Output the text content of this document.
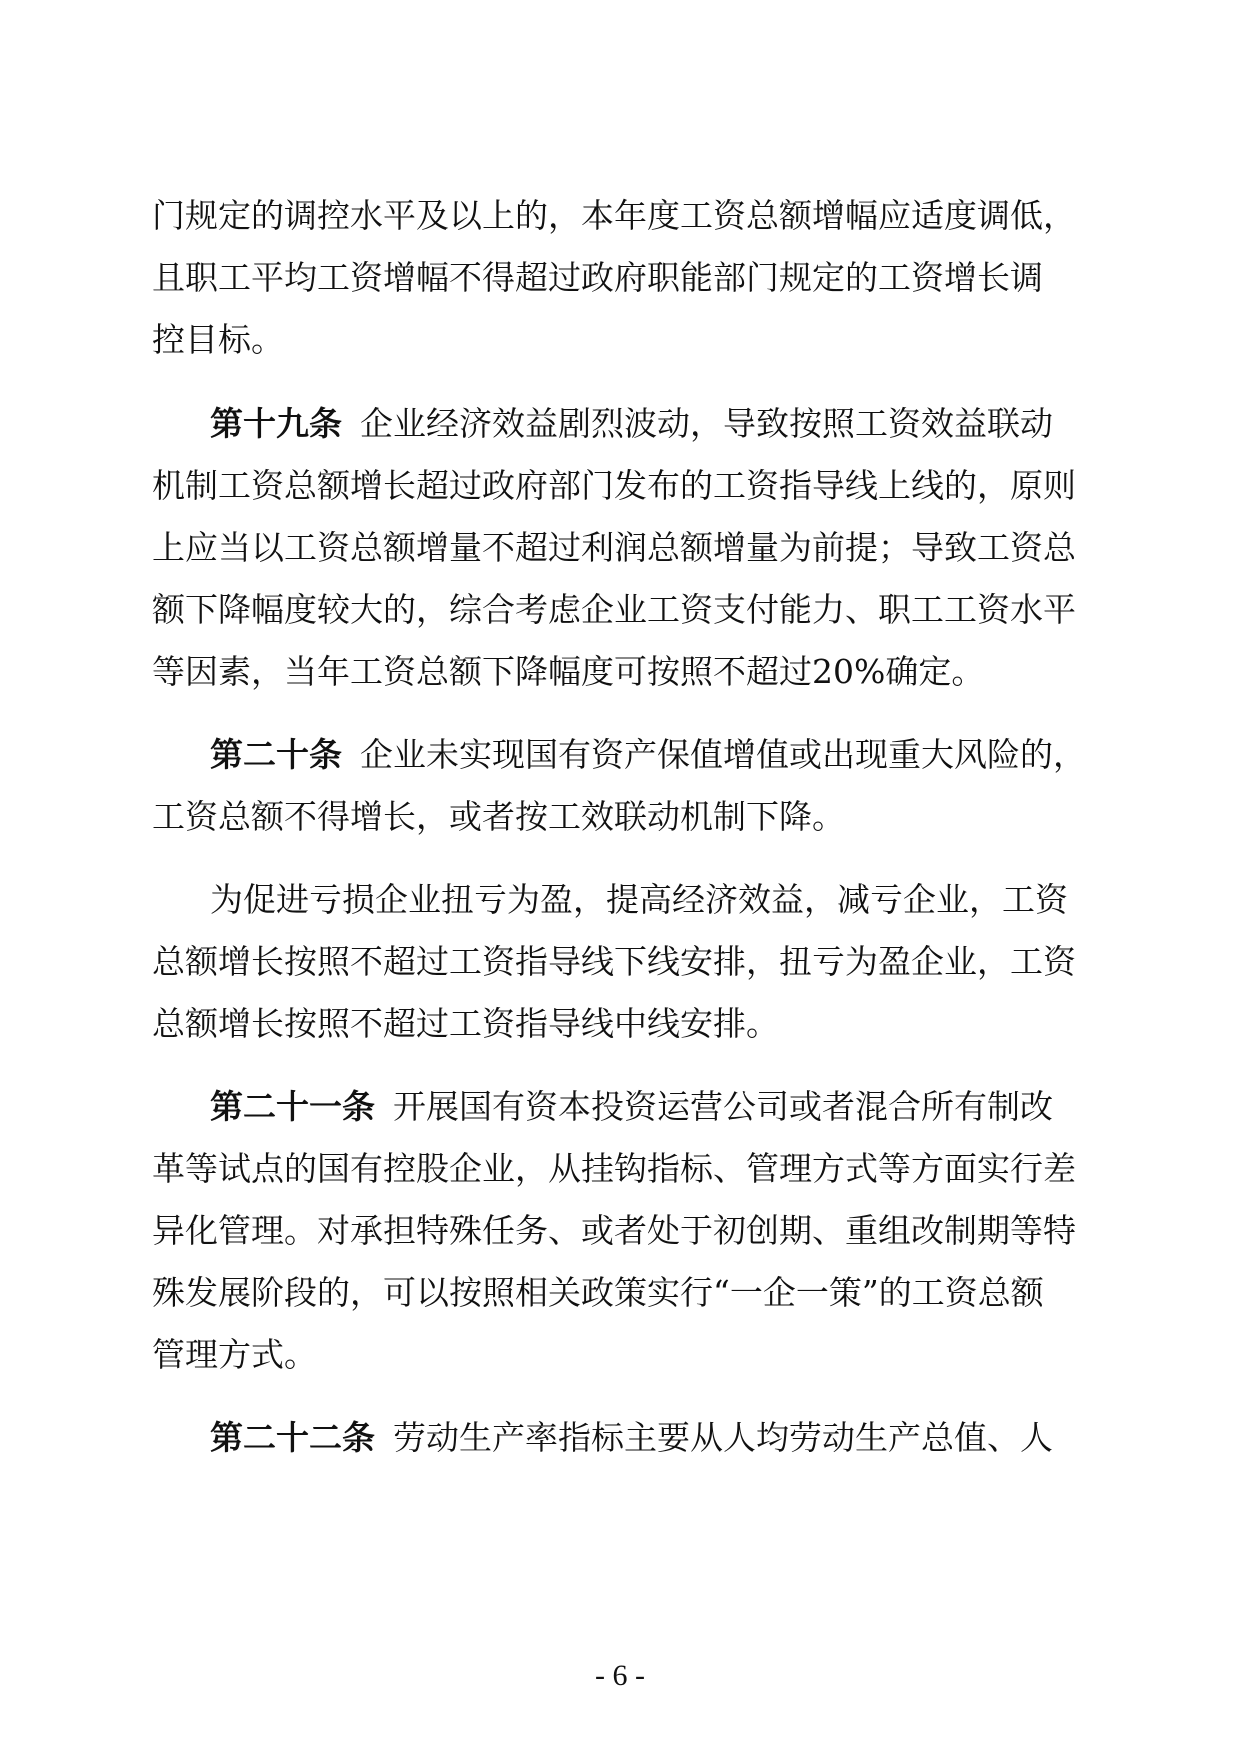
门规定的调控水平及以上的，本年度工资总额增幅应适度调低，
且职工平均工资增幅不得超过政府职能部门规定的工资增长调
控目标。
第十九条 企业经济效益剧烈波动，导致按照工资效益联动
机制工资总额增长超过政府部门发布的工资指导线上线的，原则
上应当以工资总额增量不超过利润总额增量为前提；导致工资总
额下降幅度较大的，综合考虑企业工资支付能力、职工工资水平
等因素，当年工资总额下降幅度可按照不超过20%确定。
第二十条 企业未实现国有资产保值增值或出现重大风险的，
工资总额不得增长，或者按工效联动机制下降。
为促进亏损企业扭亏为盈，提高经济效益，减亏企业，工资
总额增长按照不超过工资指导线下线安排，扭亏为盈企业，工资
总额增长按照不超过工资指导线中线安排。
第二十一条 开展国有资本投资运营公司或者混合所有制改
革等试点的国有控股企业，从挂钩指标、管理方式等方面实行差
异化管理。对承担特殊任务、或者处于初创期、重组改制期等特
殊发展阶段的，可以按照相关政策实行“一企一策”的工资总额
管理方式。
第二十二条 劳动生产率指标主要从人均劳动生产总值、人
- 6 -
